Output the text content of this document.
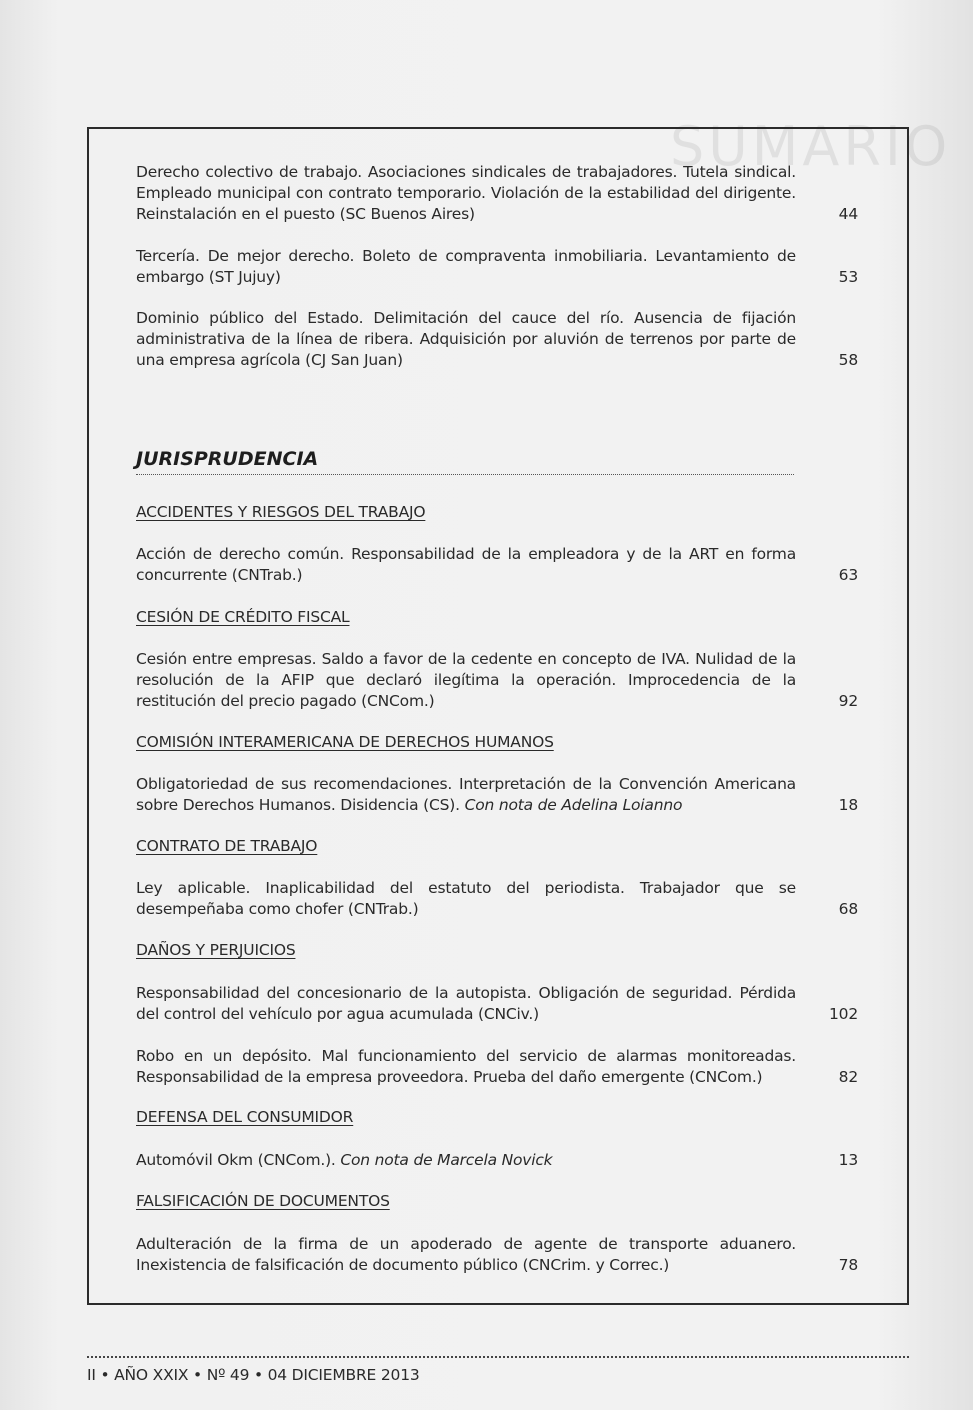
SUMARIO
Derecho colectivo de trabajo. Asociaciones sindicales de trabajadores. Tutela sindical. Empleado municipal con contrato temporario. Violación de la estabilidad del dirigente. Reinstalación en el puesto (SC Buenos Aires)	44
Tercería. De mejor derecho. Boleto de compraventa inmobiliaria. Levantamiento de embargo (ST Jujuy)	53
Dominio público del Estado. Delimitación del cauce del río. Ausencia de fijación administrativa de la línea de ribera. Adquisición por aluvión de terrenos por parte de una empresa agrícola (CJ San Juan)	58
JURISPRUDENCIA
ACCIDENTES Y RIESGOS DEL TRABAJO
Acción de derecho común. Responsabilidad de la empleadora y de la ART en forma concurrente (CNTrab.)	63
CESIÓN DE CRÉDITO FISCAL
Cesión entre empresas. Saldo a favor de la cedente en concepto de IVA. Nulidad de la resolución de la AFIP que declaró ilegítima la operación. Improcedencia de la restitución del precio pagado (CNCom.)	92
COMISIÓN INTERAMERICANA DE DERECHOS HUMANOS
Obligatoriedad de sus recomendaciones. Interpretación de la Convención Americana sobre Derechos Humanos. Disidencia (CS). Con nota de Adelina Loianno	18
CONTRATO DE TRABAJO
Ley aplicable. Inaplicabilidad del estatuto del periodista. Trabajador que se desempeñaba como chofer (CNTrab.)	68
DAÑOS Y PERJUICIOS
Responsabilidad del concesionario de la autopista. Obligación de seguridad. Pérdida del control del vehículo por agua acumulada (CNCiv.)	102
Robo en un depósito. Mal funcionamiento del servicio de alarmas monitoreadas. Responsabilidad de la empresa proveedora. Prueba del daño emergente (CNCom.)	82
DEFENSA DEL CONSUMIDOR
Automóvil Okm (CNCom.). Con nota de Marcela Novick	13
FALSIFICACIÓN DE DOCUMENTOS
Adulteración de la firma de un apoderado de agente de transporte aduanero. Inexistencia de falsificación de documento público (CNCrim. y Correc.)	78
II • AÑO XXIX • Nº 49 • 04 DICIEMBRE 2013
